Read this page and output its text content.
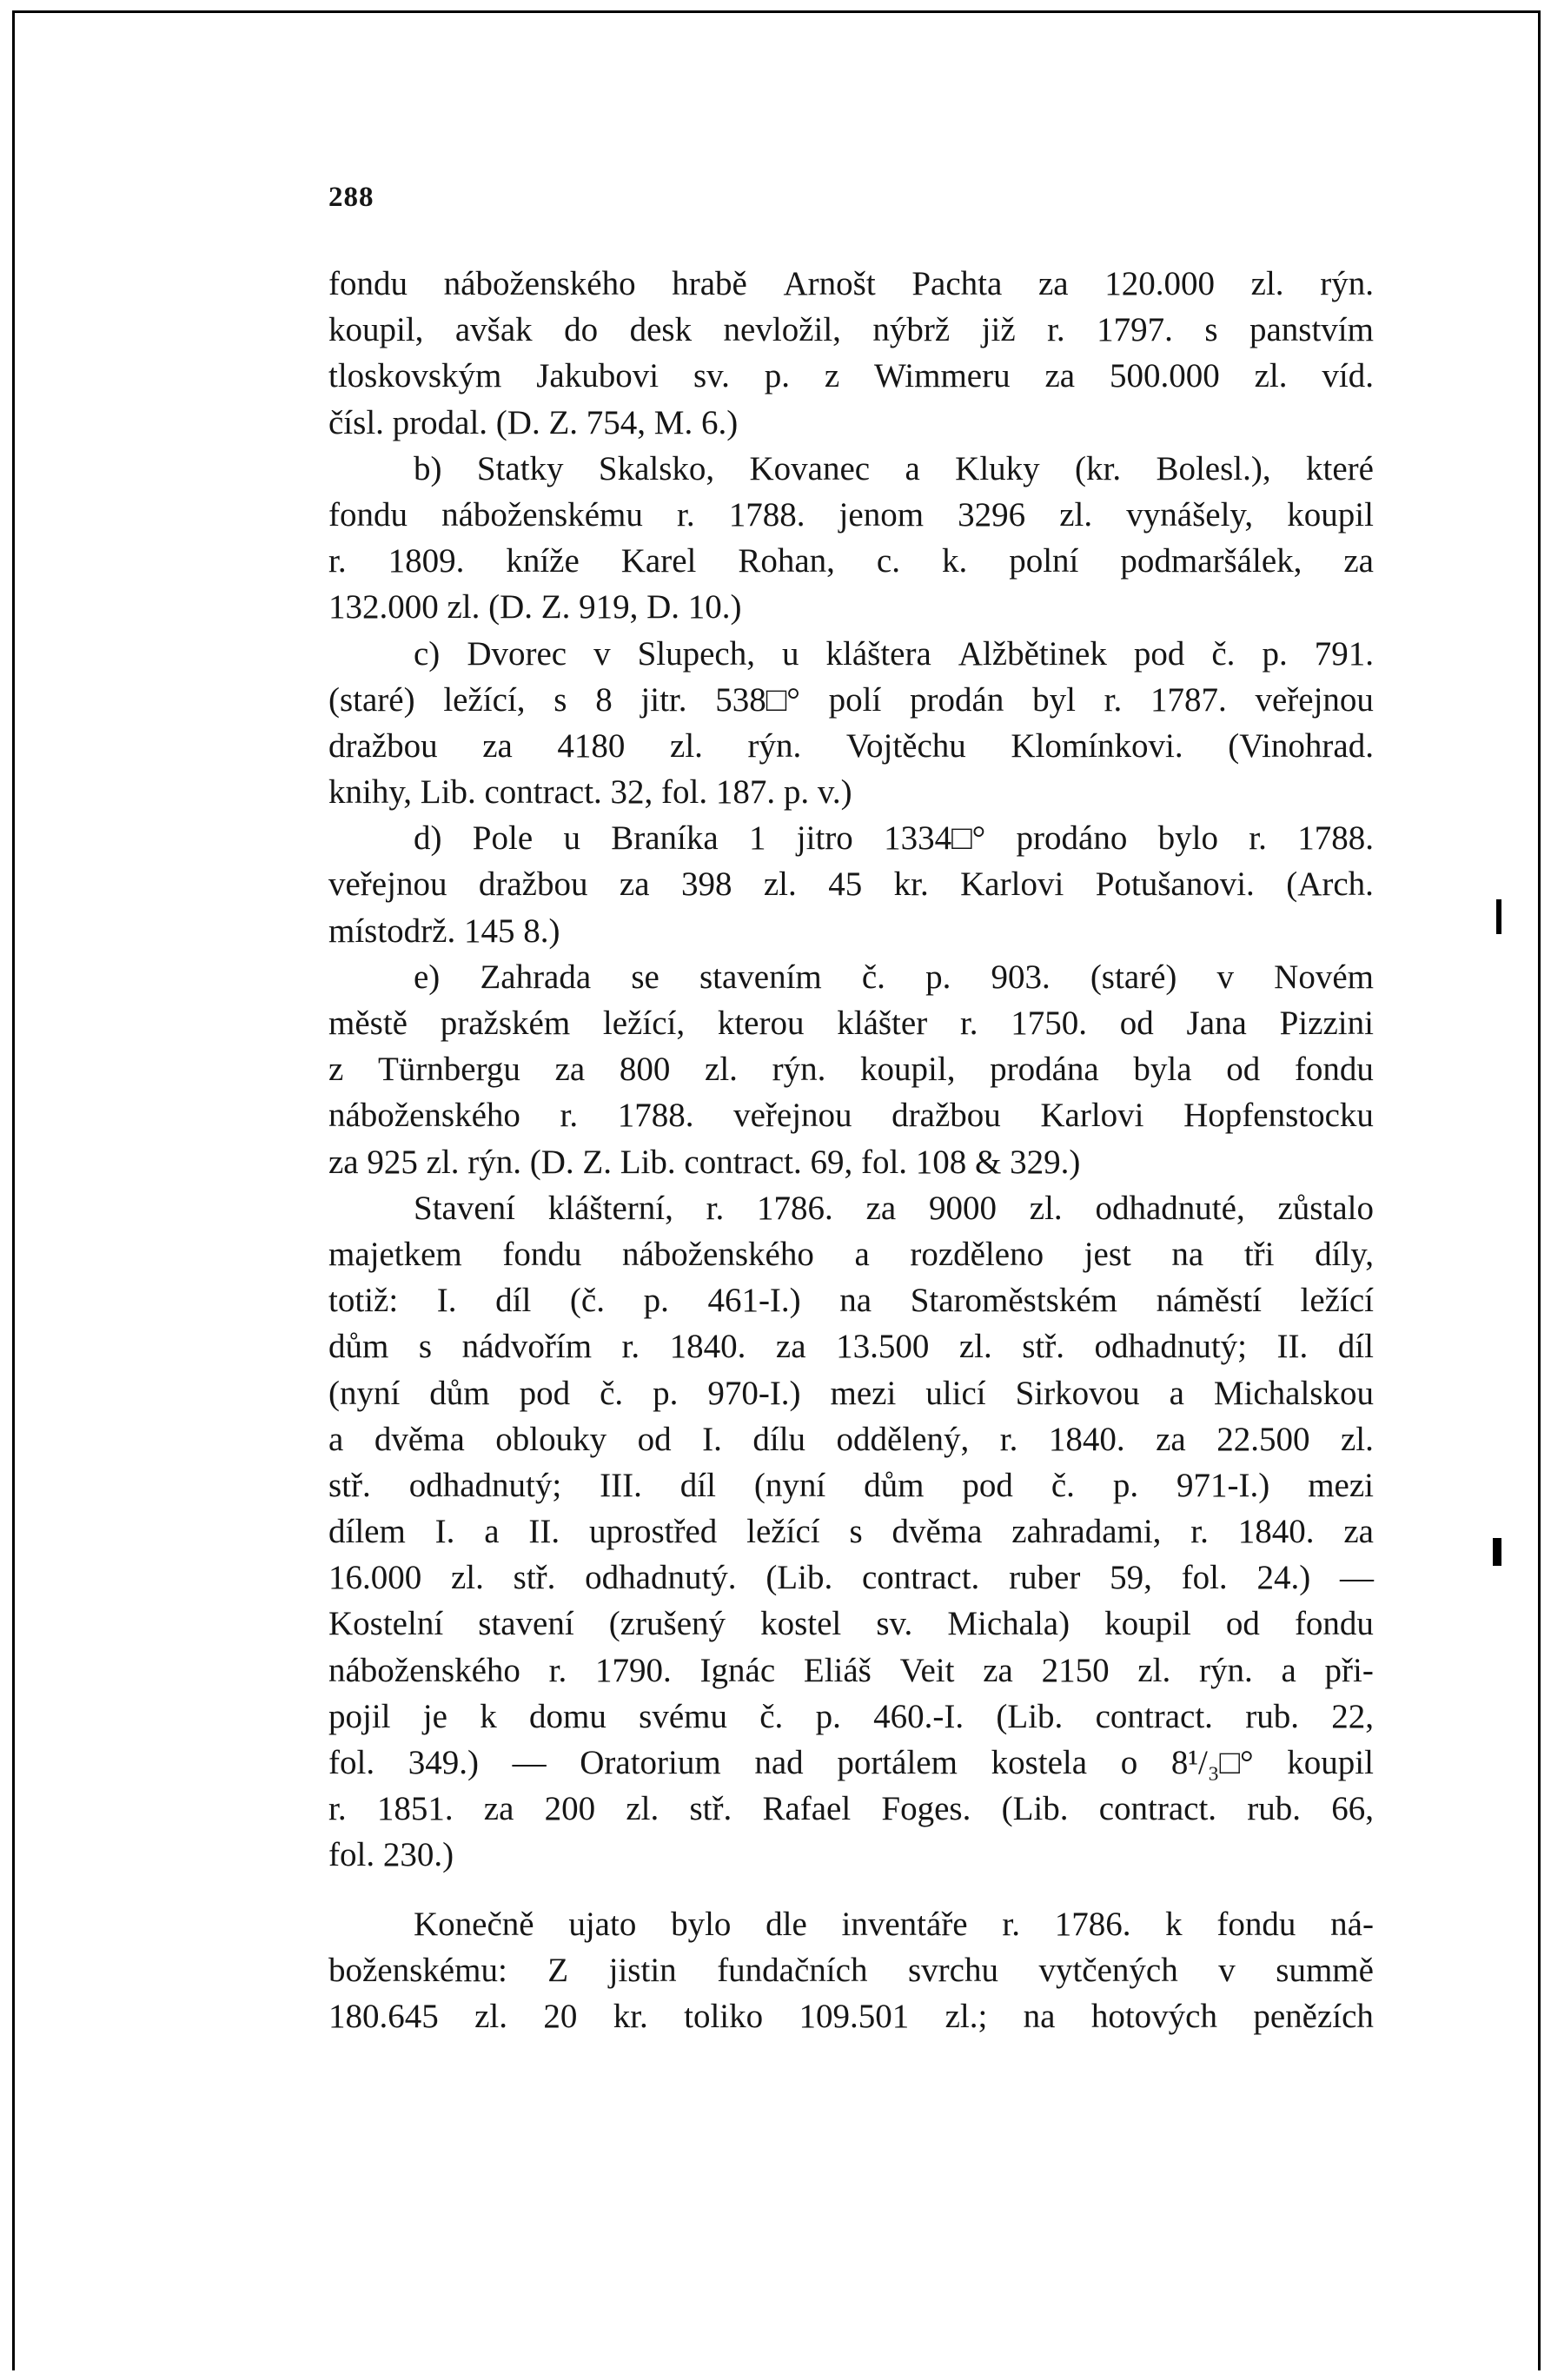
288
fondu náboženského hrabě Arnošt Pachta za 120.000 zl. rýn.
koupil, avšak do desk nevložil, nýbrž již r. 1797. s panstvím
tloskovským Jakubovi sv. p. z Wimmeru za 500.000 zl. víd.
čísl. prodal. (D. Z. 754, M. 6.)
b) Statky Skalsko, Kovanec a Kluky (kr. Bolesl.), které
fondu náboženskému r. 1788. jenom 3296 zl. vynášely, koupil
r. 1809. kníže Karel Rohan, c. k. polní podmaršálek, za
132.000 zl. (D. Z. 919, D. 10.)
c) Dvorec v Slupech, u kláštera Alžbětinek pod č. p. 791.
(staré) ležící, s 8 jitr. 538□° polí prodán byl r. 1787. veřejnou
dražbou za 4180 zl. rýn. Vojtěchu Klomínkovi. (Vinohrad.
knihy, Lib. contract. 32, fol. 187. p. v.)
d) Pole u Braníka 1 jitro 1334□° prodáno bylo r. 1788.
veřejnou dražbou za 398 zl. 45 kr. Karlovi Potušanovi. (Arch.
místodrž. 145 8.)
e) Zahrada se stavením č. p. 903. (staré) v Novém
městě pražském ležící, kterou klášter r. 1750. od Jana Pizzini
z Türnbergu za 800 zl. rýn. koupil, prodána byla od fondu
náboženského r. 1788. veřejnou dražbou Karlovi Hopfenstocku
za 925 zl. rýn. (D. Z. Lib. contract. 69, fol. 108 & 329.)
Stavení klášterní, r. 1786. za 9000 zl. odhadnuté, zůstalo
majetkem fondu náboženského a rozděleno jest na tři díly,
totiž: I. díl (č. p. 461-I.) na Staroměstském náměstí ležící
dům s nádvořím r. 1840. za 13.500 zl. stř. odhadnutý; II. díl
(nyní dům pod č. p. 970-I.) mezi ulicí Sirkovou a Michalskou
a dvěma oblouky od I. dílu oddělený, r. 1840. za 22.500 zl.
stř. odhadnutý; III. díl (nyní dům pod č. p. 971-I.) mezi
dílem I. a II. uprostřed ležící s dvěma zahradami, r. 1840. za
16.000 zl. stř. odhadnutý. (Lib. contract. ruber 59, fol. 24.) —
Kostelní stavení (zrušený kostel sv. Michala) koupil od fondu
náboženského r. 1790. Ignác Eliáš Veit za 2150 zl. rýn. a při-
pojil je k domu svému č. p. 460.-I. (Lib. contract. rub. 22,
fol. 349.) — Oratorium nad portálem kostela o 8¹/₃□° koupil
r. 1851. za 200 zl. stř. Rafael Foges. (Lib. contract. rub. 66,
fol. 230.)
Konečně ujato bylo dle inventáře r. 1786. k fondu ná-
boženskému: Z jistin fundačních svrchu vytčených v summě
180.645 zl. 20 kr. toliko 109.501 zl.; na hotových penězích
